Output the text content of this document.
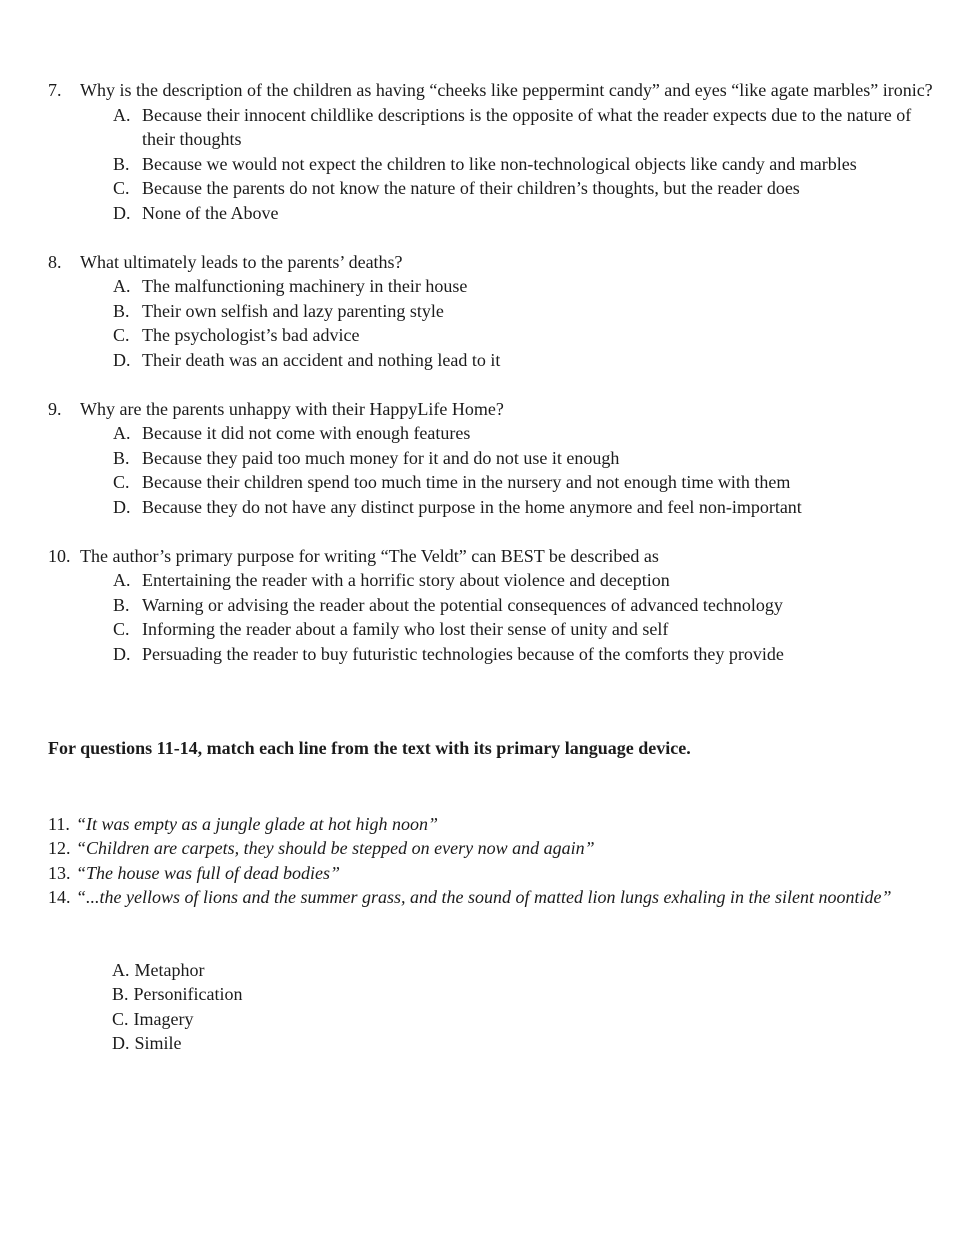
7.	Why is the description of the children as having “cheeks like peppermint candy” and eyes “like agate marbles” ironic?
A. Because their innocent childlike descriptions is the opposite of what the reader expects due to the nature of their thoughts
B. Because we would not expect the children to like non-technological objects like candy and marbles
C. Because the parents do not know the nature of their children’s thoughts, but the reader does
D. None of the Above
8.	What ultimately leads to the parents’ deaths?
A. The malfunctioning machinery in their house
B. Their own selfish and lazy parenting style
C. The psychologist’s bad advice
D. Their death was an accident and nothing lead to it
9.	Why are the parents unhappy with their HappyLife Home?
A. Because it did not come with enough features
B. Because they paid too much money for it and do not use it enough
C. Because their children spend too much time in the nursery and not enough time with them
D. Because they do not have any distinct purpose in the home anymore and feel non-important
10. The author’s primary purpose for writing “The Veldt” can BEST be described as
A. Entertaining the reader with a horrific story about violence and deception
B. Warning or advising the reader about the potential consequences of advanced technology
C. Informing the reader about a family who lost their sense of unity and self
D. Persuading the reader to buy futuristic technologies because of the comforts they provide
For questions 11-14, match each line from the text with its primary language device.
11. “It was empty as a jungle glade at hot high noon”
12. “Children are carpets, they should be stepped on every now and again”
13. “The house was full of dead bodies”
14. “...the yellows of lions and the summer grass, and the sound of matted lion lungs exhaling in the silent noontide”
A. Metaphor
B. Personification
C. Imagery
D. Simile
